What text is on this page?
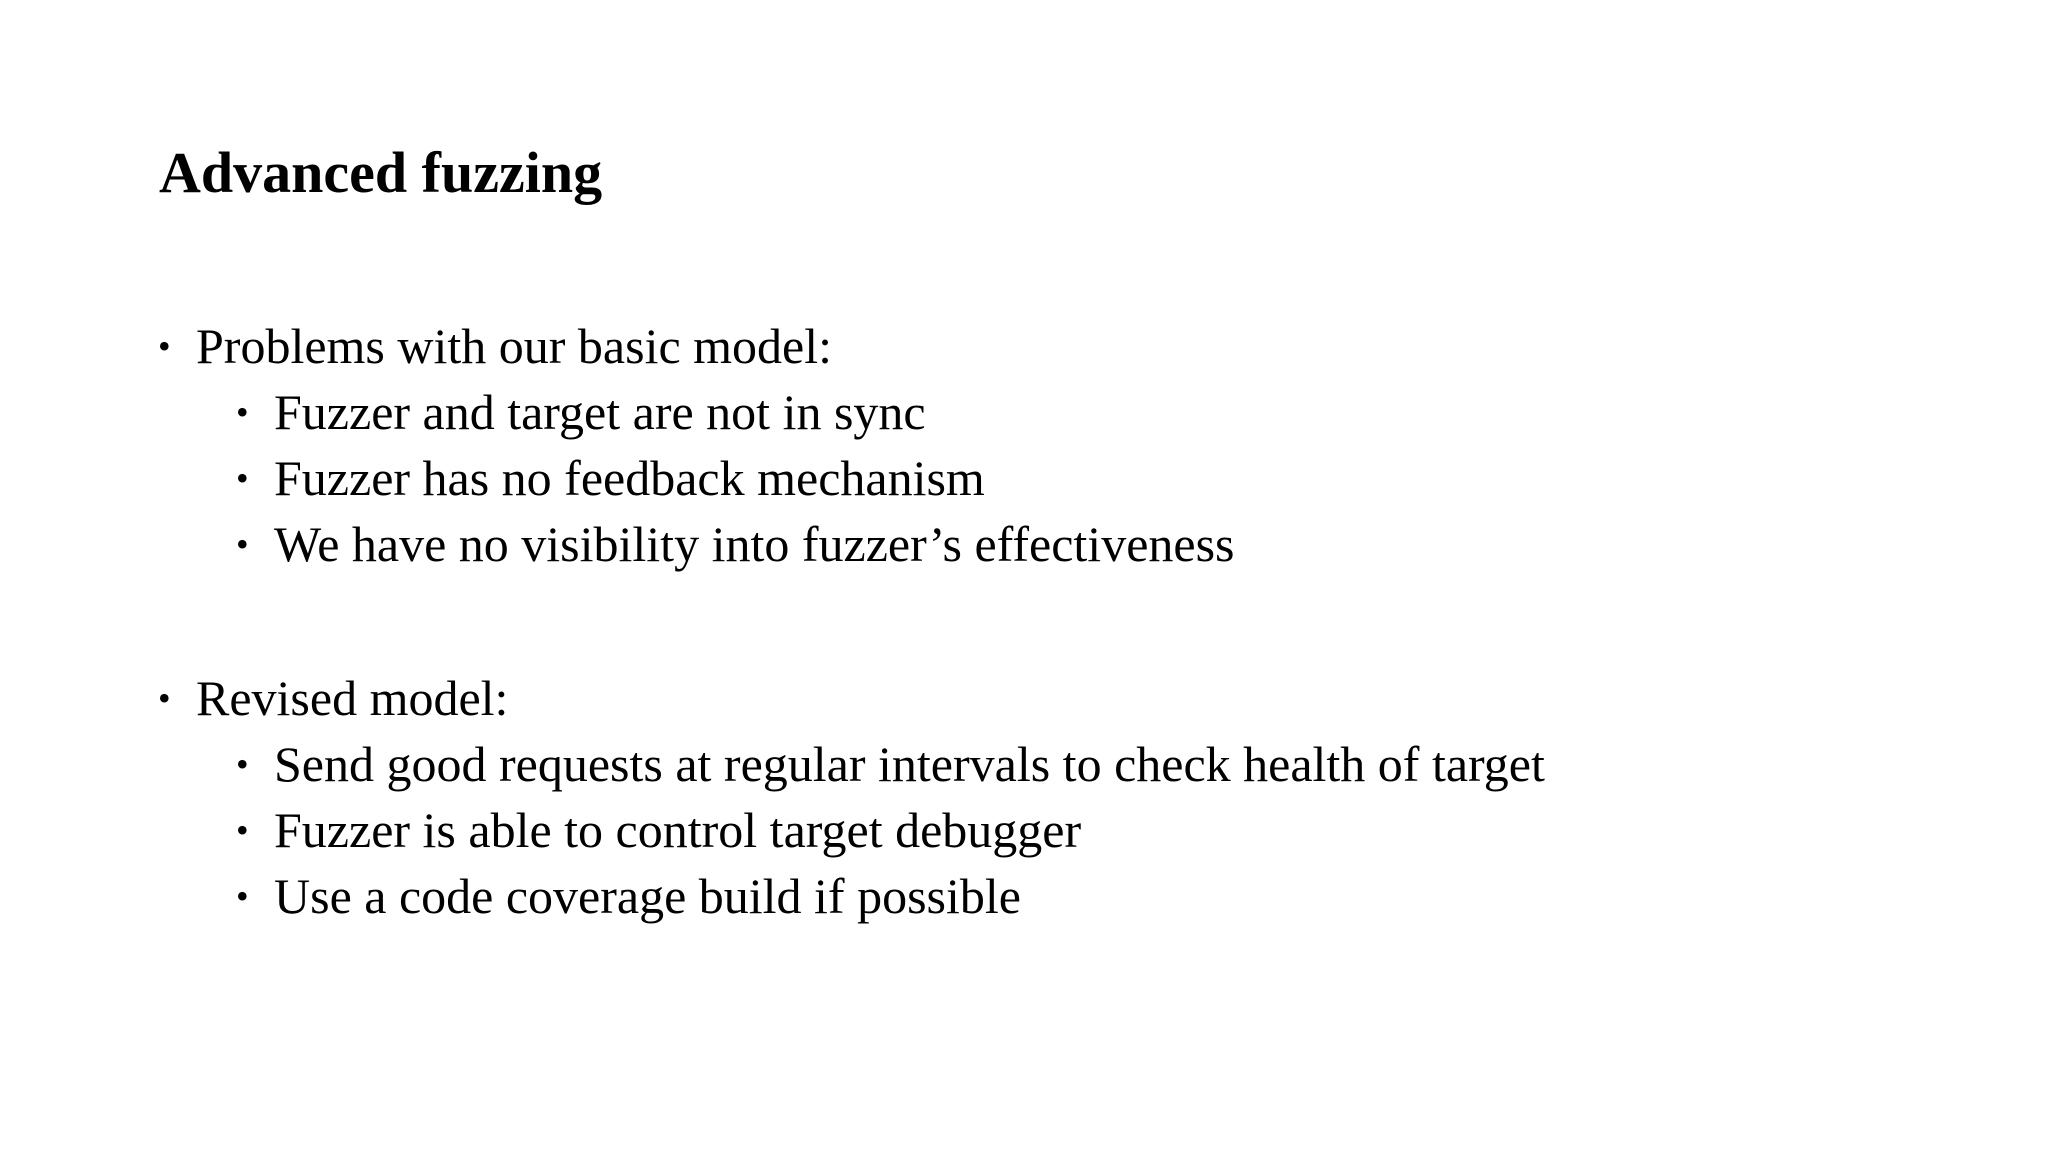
Advanced fuzzing
• Problems with our basic model:
• Fuzzer and target are not in sync
• Fuzzer has no feedback mechanism
• We have no visibility into fuzzer’s effectiveness
• Revised model:
• Send good requests at regular intervals to check health of target
• Fuzzer is able to control target debugger
• Use a code coverage build if possible
